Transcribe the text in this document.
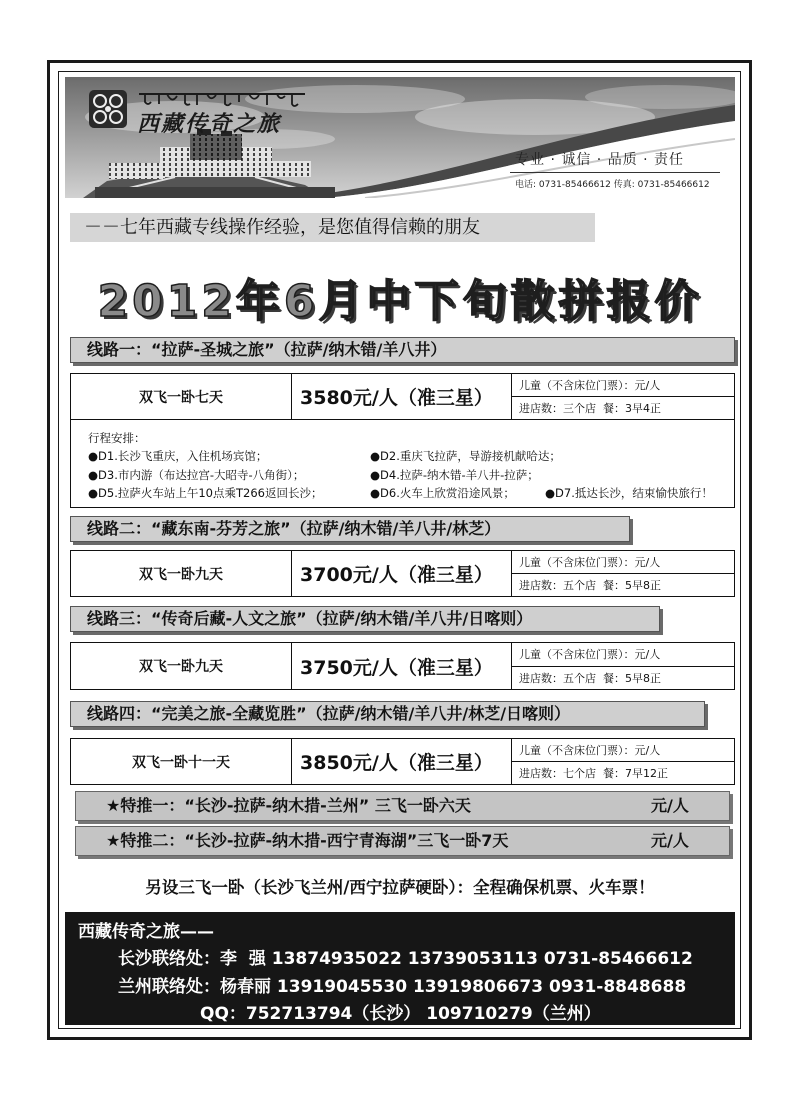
西藏传奇之旅
专业 · 诚信 · 品质 · 责任
电话: 0731-85466612 传真: 0731-85466612
－－七年西藏专线操作经验，是您值得信赖的朋友
2012年6月中下旬散拼报价
线路一：“拉萨-圣城之旅”（拉萨/纳木错/羊八井）
双飞一卧七天	3580元/人（准三星）
儿童（不含床位门票）：元/人
进店数：三个店  餐：3早4正
行程安排：
●D1.长沙飞重庆，入住机场宾馆；	●D2.重庆飞拉萨，导游接机献哈达；
●D3.市内游（布达拉宫-大昭寺-八角街）；	●D4.拉萨-纳木错-羊八井-拉萨；
●D5.拉萨火车站上午10点乘T266返回长沙；	●D6.火车上欣赏沿途风景；	●D7.抵达长沙，结束愉快旅行！
线路二：“藏东南-芬芳之旅”（拉萨/纳木错/羊八井/林芝）
双飞一卧九天	3700元/人（准三星）
儿童（不含床位门票）：元/人
进店数：五个店  餐：5早8正
线路三：“传奇后藏-人文之旅”（拉萨/纳木错/羊八井/日喀则）
双飞一卧九天	3750元/人（准三星）
儿童（不含床位门票）：元/人
进店数：五个店  餐：5早8正
线路四：“完美之旅-全藏览胜”（拉萨/纳木错/羊八井/林芝/日喀则）
双飞一卧十一天	3850元/人（准三星）
儿童（不含床位门票）：元/人
进店数：七个店  餐：7早12正
★特推一：“长沙-拉萨-纳木措-兰州” 三飞一卧六天	元/人
★特推二：“长沙-拉萨-纳木措-西宁青海湖”三飞一卧7天	元/人
另设三飞一卧（长沙飞兰州/西宁拉萨硬卧）：全程确保机票、火车票！
西藏传奇之旅——
长沙联络处：李  强 13874935022 13739053113 0731-85466612
兰州联络处：杨春丽 13919045530 13919806673 0931-8848688
QQ：752713794（长沙） 109710279（兰州）
